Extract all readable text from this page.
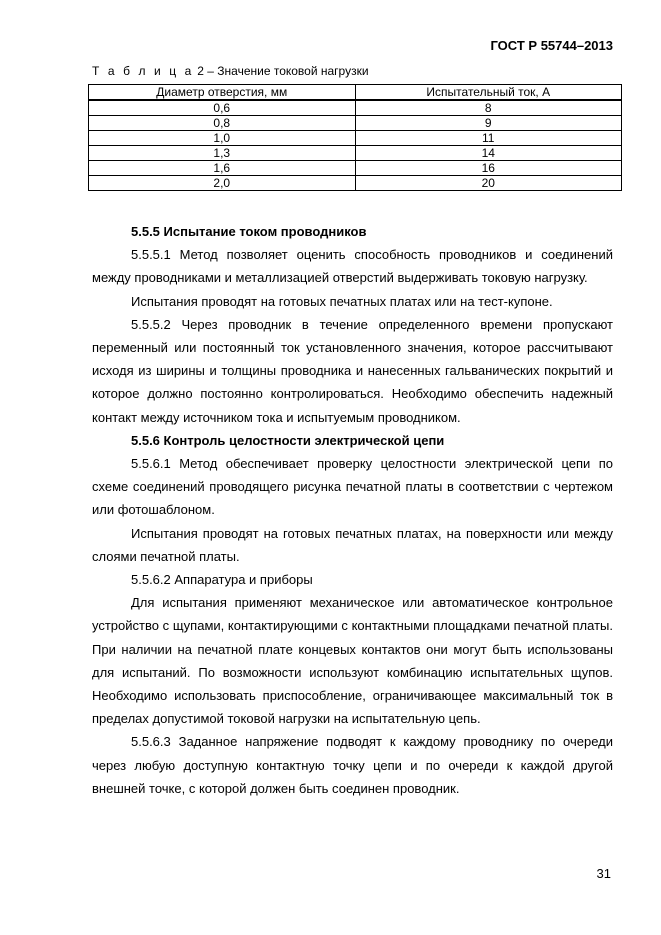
ГОСТ Р 55744–2013
Т а б л и ц а 2 – Значение токовой нагрузки
Диаметр отверстия, мм	Испытательный ток, А
0,6	8
0,8	9
1,0	11
1,3	14
1,6	16
2,0	20

5.5.5 Испытание током проводников

5.5.5.1 Метод позволяет оценить способность проводников и соединений между проводниками и металлизацией отверстий выдерживать токовую нагрузку.

Испытания проводят на готовых печатных платах или на тест-купоне.

5.5.5.2 Через проводник в течение определенного времени пропускают переменный или постоянный ток установленного значения, которое рассчитывают исходя из ширины и толщины проводника и нанесенных гальванических покрытий и которое должно постоянно контролироваться. Необходимо обеспечить надежный контакт между источником тока и испытуемым проводником.

5.5.6 Контроль целостности электрической цепи

5.5.6.1 Метод обеспечивает проверку целостности электрической цепи по схеме соединений проводящего рисунка печатной платы в соответствии с чертежом или фотошаблоном.

Испытания проводят на готовых печатных платах, на поверхности или между слоями печатной платы.

5.5.6.2 Аппаратура и приборы

Для испытания применяют механическое или автоматическое контрольное устройство с щупами, контактирующими с контактными площадками печатной платы. При наличии на печатной плате концевых контактов они могут быть использованы для испытаний. По возможности используют комбинацию испытательных щупов. Необходимо использовать приспособление, ограничивающее максимальный ток в пределах допустимой токовой нагрузки на испытательную цепь.

5.5.6.3 Заданное напряжение подводят к каждому проводнику по очереди через любую доступную контактную точку цепи и по очереди к каждой другой внешней точке, с которой должен быть соединен проводник.

31
